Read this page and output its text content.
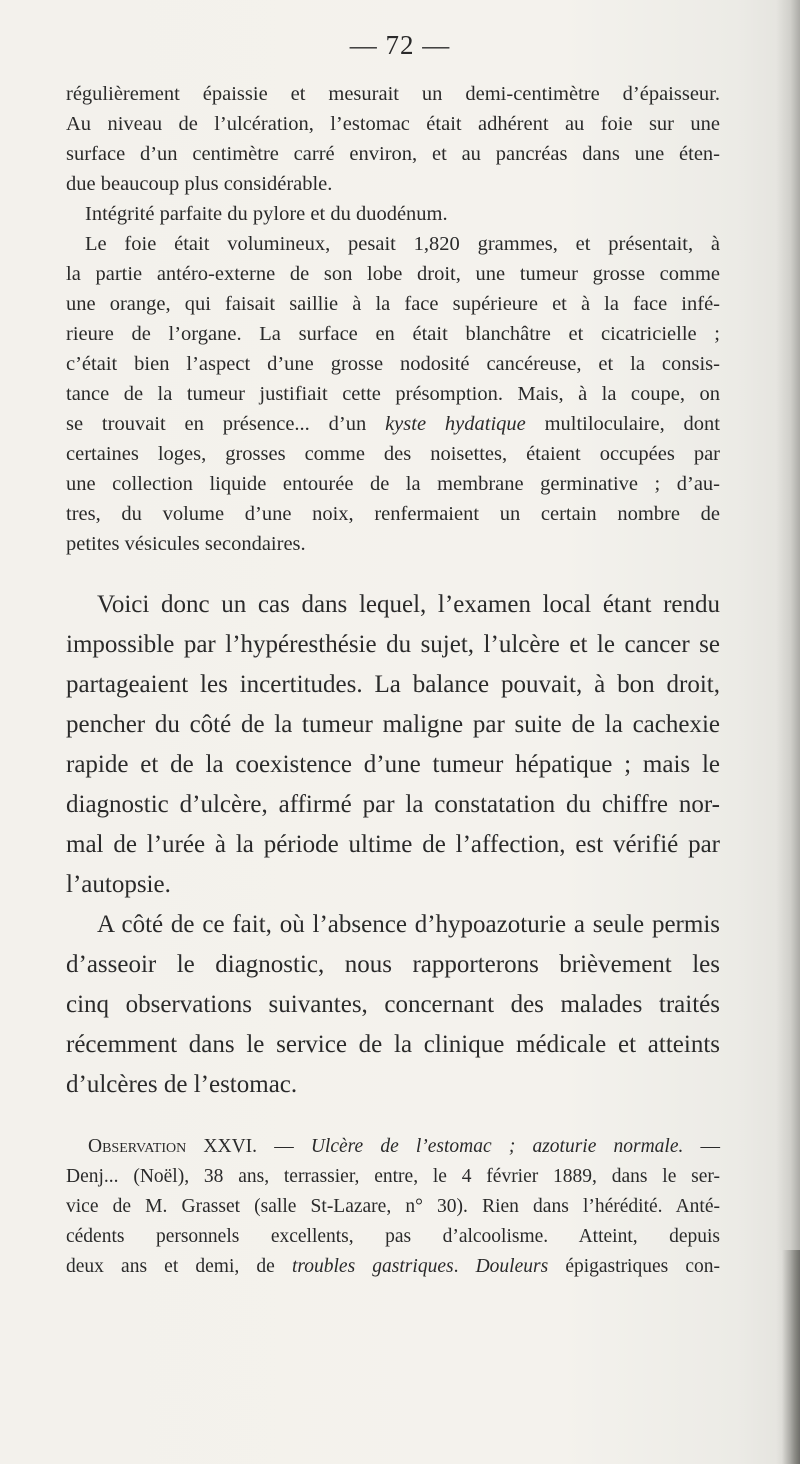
— 72 —
régulièrement épaissie et mesurait un demi-centimètre d’épaisseur.
Au niveau de l’ulcération, l’estomac était adhérent au foie sur une
surface d’un centimètre carré environ, et au pancréas dans une éten-
due beaucoup plus considérable.
Intégrité parfaite du pylore et du duodénum.
Le foie était volumineux, pesait 1,820 grammes, et présentait, à
la partie antéro-externe de son lobe droit, une tumeur grosse comme
une orange, qui faisait saillie à la face supérieure et à la face infé-
rieure de l’organe. La surface en était blanchâtre et cicatricielle ;
c’était bien l’aspect d’une grosse nodosité cancéreuse, et la consis-
tance de la tumeur justifiait cette présomption. Mais, à la coupe, on
se trouvait en présence... d’un kyste hydatique multiloculaire, dont
certaines loges, grosses comme des noisettes, étaient occupées par
une collection liquide entourée de la membrane germinative ; d’au-
tres, du volume d’une noix, renfermaient un certain nombre de
petites vésicules secondaires.
Voici donc un cas dans lequel, l’examen local étant rendu
impossible par l’hypéresthésie du sujet, l’ulcère et le cancer se
partageaient les incertitudes. La balance pouvait, à bon droit,
pencher du côté de la tumeur maligne par suite de la cachexie
rapide et de la coexistence d’une tumeur hépatique ; mais le
diagnostic d’ulcère, affirmé par la constatation du chiffre nor-
mal de l’urée à la période ultime de l’affection, est vérifié par
l’autopsie.
A côté de ce fait, où l’absence d’hypoazoturie a seule permis
d’asseoir le diagnostic, nous rapporterons brièvement les
cinq observations suivantes, concernant des malades traités
récemment dans le service de la clinique médicale et atteints
d’ulcères de l’estomac.
Observation XXVI. — Ulcère de l’estomac ; azoturie normale. —
Denj... (Noël), 38 ans, terrassier, entre, le 4 février 1889, dans le ser-
vice de M. Grasset (salle St-Lazare, n° 30). Rien dans l’hérédité. Anté-
cédents personnels excellents, pas d’alcoolisme. Atteint, depuis
deux ans et demi, de troubles gastriques. Douleurs épigastriques con-
